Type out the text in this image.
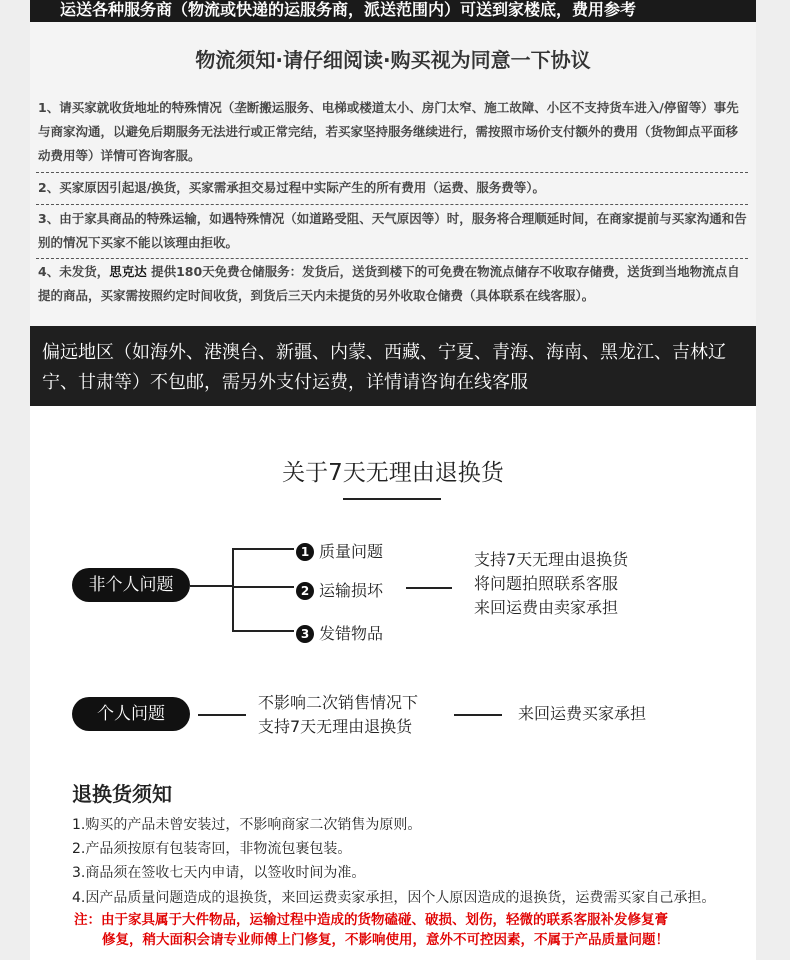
运送各种服务商（物流或快递的运服务商，派送范围内）可送到家楼底，费用参考
物流须知·请仔细阅读·购买视为同意一下协议
1、请买家就收货地址的特殊情况（垄断搬运服务、电梯或楼道太小、房门太窄、施工故障、小区不支持货车进入/停留等）事先与商家沟通，以避免后期服务无法进行或正常完结，若买家坚持服务继续进行，需按照市场价支付额外的费用（货物卸点平面移动费用等）详情可咨询客服。
2、买家原因引起退/换货，买家需承担交易过程中实际产生的所有费用（运费、服务费等）。
3、由于家具商品的特殊运输，如遇特殊情况（如道路受阻、天气原因等）时，服务将合理顺延时间，在商家提前与买家沟通和告别的情况下买家不能以该理由拒收。
4、未发货，思克达 提供180天免费仓储服务：发货后，送货到楼下的可免费在物流点储存不收取存储费，送货到当地物流点自提的商品，买家需按照约定时间收货，到货后三天内未提货的另外收取仓储费（具体联系在线客服）。
偏远地区（如海外、港澳台、新疆、内蒙、西藏、宁夏、青海、海南、黑龙江、吉林辽宁、甘肃等）不包邮，需另外支付运费，详情请咨询在线客服
关于7天无理由退换货
非个人问题
1 质量问题
2 运输损坏
3 发错物品
支持7天无理由退换货
将问题拍照联系客服
来回运费由卖家承担
个人问题
不影响二次销售情况下
支持7天无理由退换货
来回运费买家承担
退换货须知
1.购买的产品未曾安装过，不影响商家二次销售为原则。
2.产品须按原有包装寄回，非物流包裹包装。
3.商品须在签收七天内申请，以签收时间为准。
4.因产品质量问题造成的退换货，来回运费卖家承担，因个人原因造成的退换货，运费需买家自己承担。
注：由于家具属于大件物品，运输过程中造成的货物磕碰、破损、划伤，轻微的联系客服补发修复膏
修复，稍大面积会请专业师傅上门修复，不影响使用，意外不可控因素，不属于产品质量问题！
